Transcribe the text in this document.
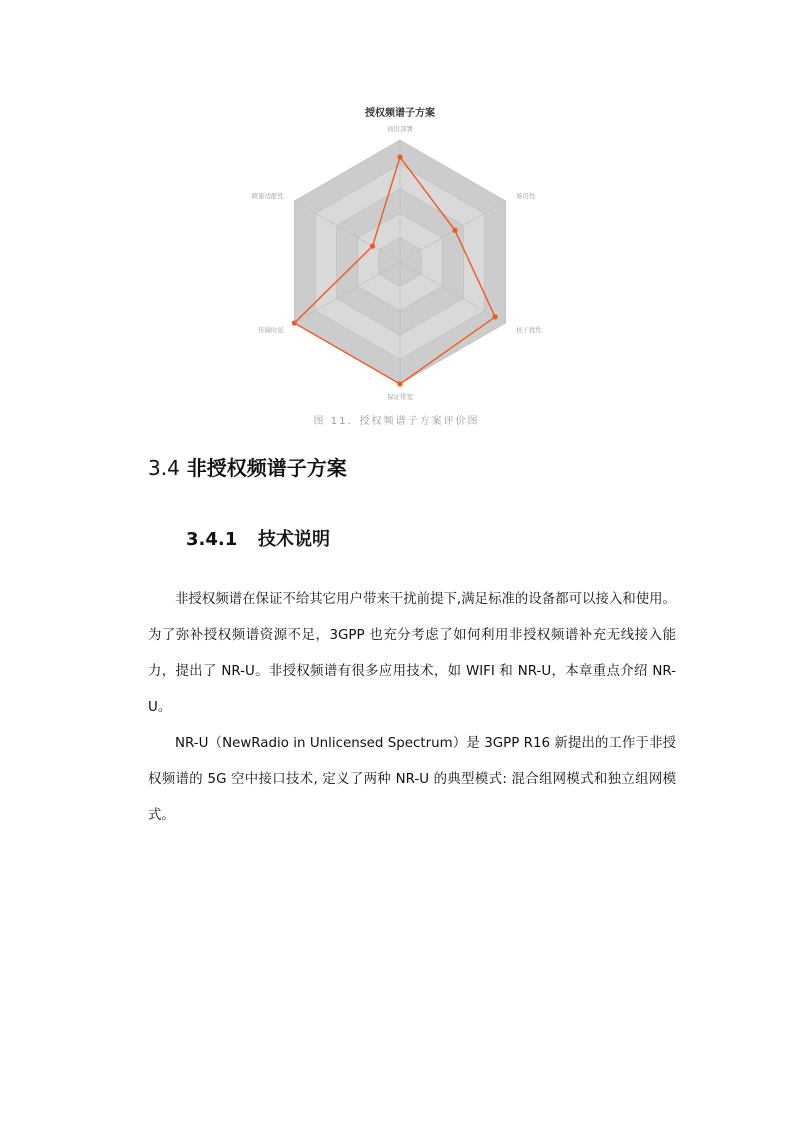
授权频谱子方案
商用部署
易用性
抗干扰性
保证带宽
传输时延
政策适配性
图 11．授权频谱子方案评价图
3.4 非授权频谱子方案
3.4.1 技术说明

非授权频谱在保证不给其它用户带来干扰前提下,满足标准的设备都可以接入和使用。为了弥补授权频谱资源不足，3GPP 也充分考虑了如何利用非授权频谱补充无线接入能力，提出了 NR-U。非授权频谱有很多应用技术，如 WIFI 和 NR-U，本章重点介绍 NR-U。

NR-U（NewRadio in Unlicensed Spectrum）是 3GPP R16 新提出的工作于非授权频谱的 5G 空中接口技术, 定义了两种 NR-U 的典型模式: 混合组网模式和独立组网模式。
